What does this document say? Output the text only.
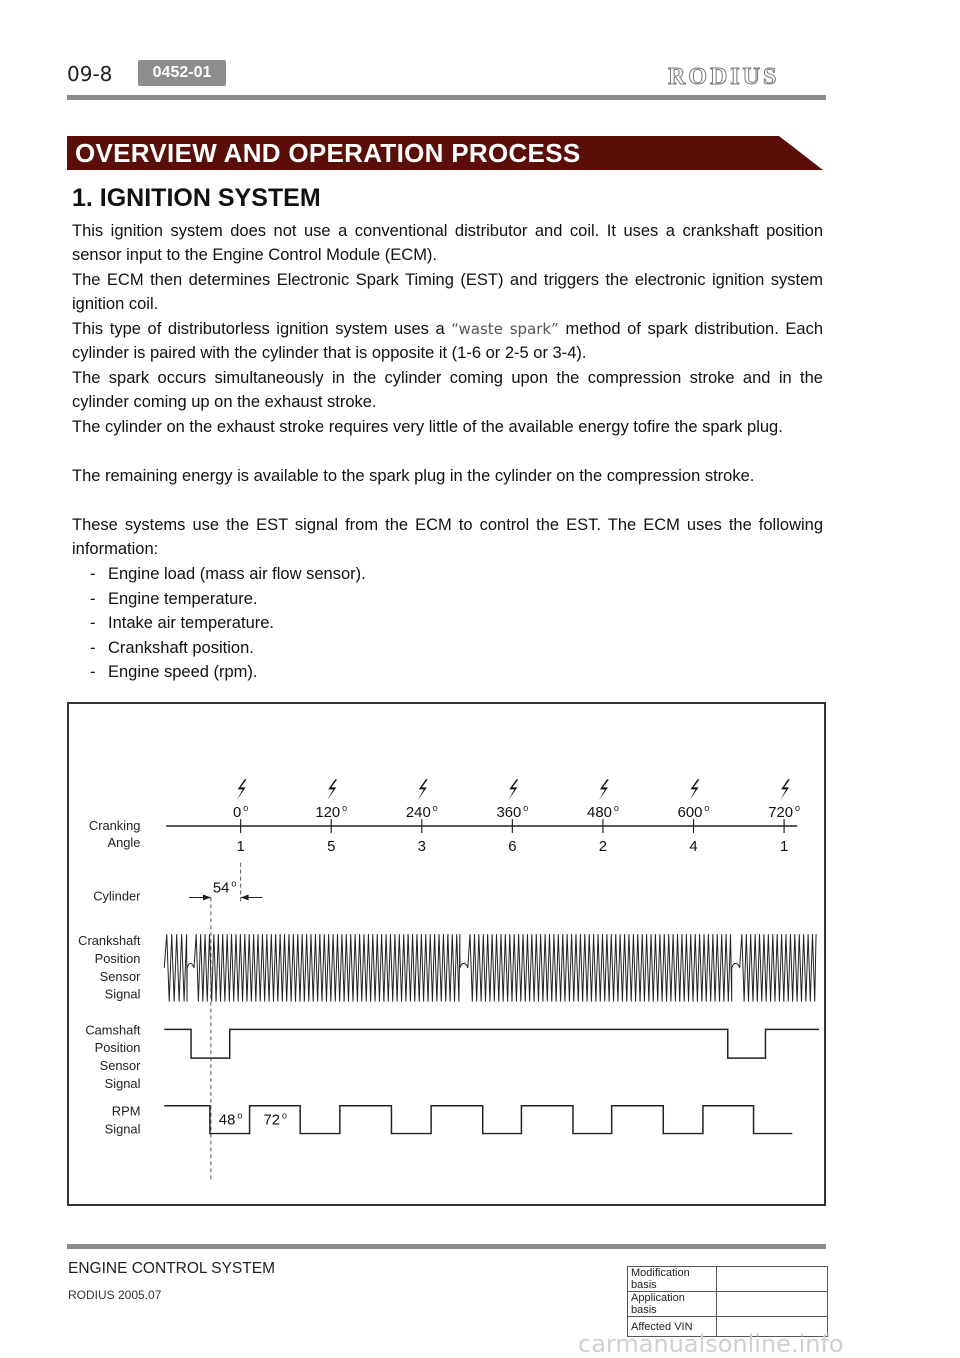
09-8	0452-01	RODIUS
OVERVIEW AND OPERATION PROCESS
1. IGNITION SYSTEM
This ignition system does not use a conventional distributor and coil. It uses a crankshaft position sensor input to the Engine Control Module (ECM).
The ECM then determines Electronic Spark Timing (EST) and triggers the electronic ignition system ignition coil.
This type of distributorless ignition system uses a “waste spark” method of spark distribution. Each cylinder is paired with the cylinder that is opposite it (1-6 or 2-5 or 3-4).
The spark occurs simultaneously in the cylinder coming upon the compression stroke and in the cylinder coming up on the exhaust stroke.
The cylinder on the exhaust stroke requires very little of the available energy tofire the spark plug.
The remaining energy is available to the spark plug in the cylinder on the compression stroke.
These systems use the EST signal from the ECM to control the EST. The ECM uses the following information:
- Engine load (mass air flow sensor).
- Engine temperature.
- Intake air temperature.
- Crankshaft position.
- Engine speed (rpm).
Cranking Angle
Cylinder
Crankshaft Position Sensor Signal
Camshaft Position Sensor Signal
RPM Signal
0 $^o$
1
120 $^o$
5
240 $^o$
3
360 $^o$
6
480 $^o$
2
600 $^o$
4
720 $^o$
1
54 $^o$
48 $^o$ 72 $^o$
ENGINE CONTROL SYSTEM
RODIUS 2005.07
Modification basis	
Application basis	
Affected VIN	
carmanualsonline.info
